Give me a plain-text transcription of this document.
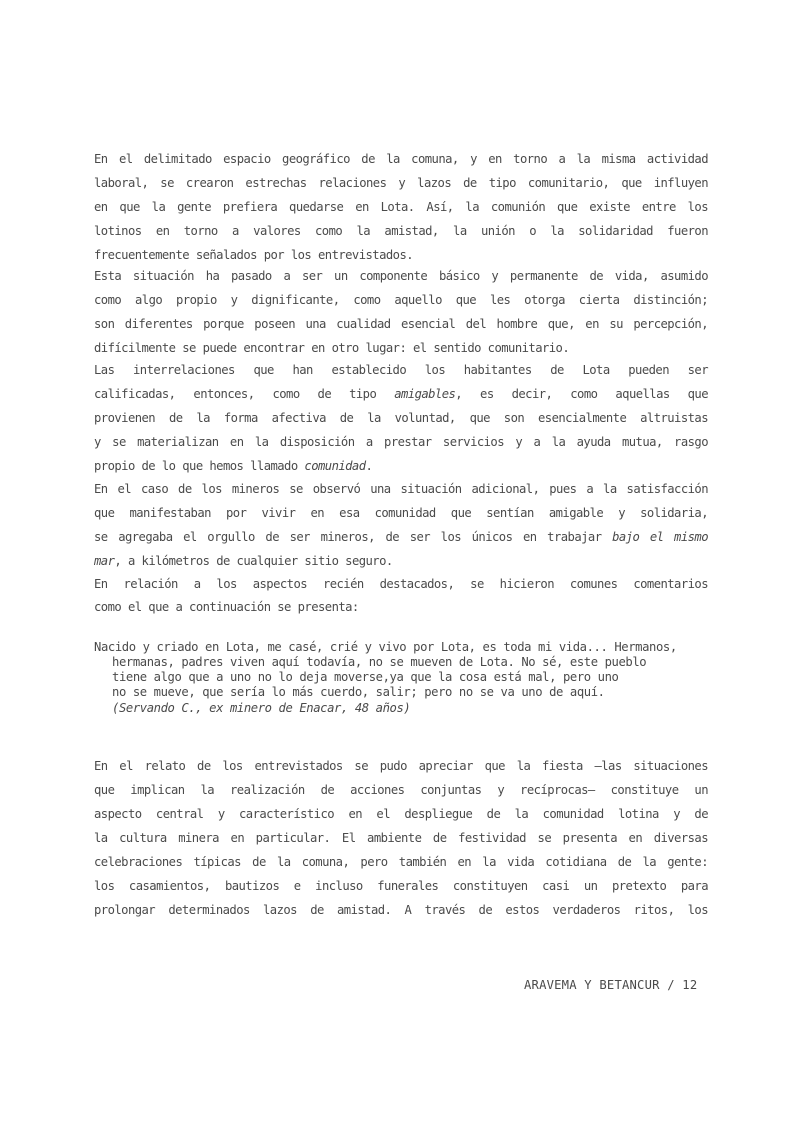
En el delimitado espacio geográfico de la comuna, y en torno a la misma actividad
laboral, se crearon estrechas relaciones y lazos de tipo comunitario, que influyen
en que la gente prefiera quedarse en Lota. Así, la comunión que existe entre los
lotinos en torno a valores como la amistad, la unión o la solidaridad fueron
frecuentemente señalados por los entrevistados.
Esta situación ha pasado a ser un componente básico y permanente de vida, asumido
como algo propio y dignificante, como aquello que les otorga cierta distinción;
son diferentes porque poseen una cualidad esencial del hombre que, en su percepción,
difícilmente se puede encontrar en otro lugar: el sentido comunitario.
Las interrelaciones que han establecido los habitantes de Lota pueden ser
calificadas, entonces, como de tipo amigables, es decir, como aquellas que
provienen de la forma afectiva de la voluntad, que son esencialmente altruistas
y se materializan en la disposición a prestar servicios y a la ayuda mutua, rasgo
propio de lo que hemos llamado comunidad.
En el caso de los mineros se observó una situación adicional, pues a la satisfacción
que manifestaban por vivir en esa comunidad que sentían amigable y solidaria,
se agregaba el orgullo de ser mineros, de ser los únicos en trabajar bajo el mismo
mar, a kilómetros de cualquier sitio seguro.
En relación a los aspectos recién destacados, se hicieron comunes comentarios
como el que a continuación se presenta:
Nacido y criado en Lota, me casé, crié y vivo por Lota, es toda mi vida... Hermanos,
hermanas, padres viven aquí todavía, no se mueven de Lota. No sé, este pueblo
tiene algo que a uno no lo deja moverse,ya que la cosa está mal, pero uno
no se mueve, que sería lo más cuerdo, salir; pero no se va uno de aquí.
(Servando C., ex minero de Enacar, 48 años)
En el relato de los entrevistados se pudo apreciar que la fiesta —las situaciones
que implican la realización de acciones conjuntas y recíprocas— constituye un
aspecto central y característico en el despliegue de la comunidad lotina y de
la cultura minera en particular. El ambiente de festividad se presenta en diversas
celebraciones típicas de la comuna, pero también en la vida cotidiana de la gente:
los casamientos, bautizos e incluso funerales constituyen casi un pretexto para
prolongar determinados lazos de amistad. A través de estos verdaderos ritos, los
ARAVEMA Y BETANCUR / 12
